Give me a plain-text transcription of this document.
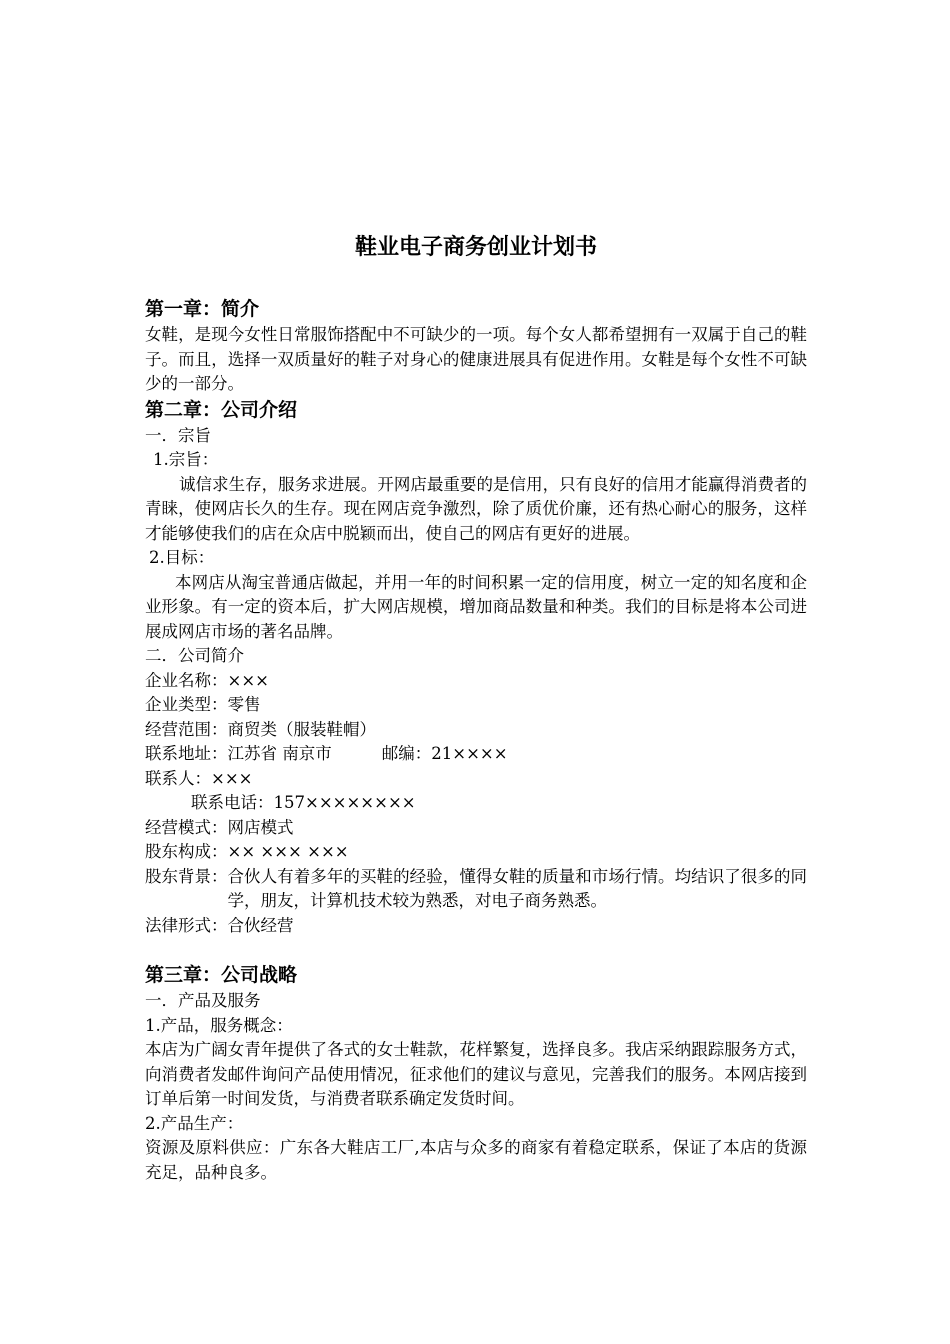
鞋业电子商务创业计划书
第一章：简介

女鞋，是现今女性日常服饰搭配中不可缺少的一项。每个女人都希望拥有一双属于自己的鞋子。而且，选择一双质量好的鞋子对身心的健康进展具有促进作用。女鞋是每个女性不可缺少的一部分。

第二章：公司介绍

一．宗旨

1.宗旨：

诚信求生存，服务求进展。开网店最重要的是信用，只有良好的信用才能赢得消费者的青睐，使网店长久的生存。现在网店竞争激烈，除了质优价廉，还有热心耐心的服务，这样才能够使我们的店在众店中脱颖而出，使自己的网店有更好的进展。

2.目标：

本网店从淘宝普通店做起，并用一年的时间积累一定的信用度，树立一定的知名度和企业形象。有一定的资本后，扩大网店规模，增加商品数量和种类。我们的目标是将本公司进展成网店市场的著名品牌。

二．公司简介

企业名称：×××

企业类型：零售

经营范围：商贸类（服装鞋帽）

联系地址：江苏省 南京市	邮编：21××××

联系人：×××

联系电话：157××××××××

经营模式：网店模式

股东构成：×× ××× ×××

股东背景： 合伙人有着多年的买鞋的经验，懂得女鞋的质量和市场行情。均结识了很多的同学，朋友，计算机技术较为熟悉，对电子商务熟悉。

法律形式：合伙经营

第三章：公司战略

一．产品及服务

1.产品，服务概念：

本店为广阔女青年提供了各式的女士鞋款，花样繁复，选择良多。我店采纳跟踪服务方式，向消费者发邮件询问产品使用情况，征求他们的建议与意见，完善我们的服务。本网店接到订单后第一时间发货，与消费者联系确定发货时间。

2.产品生产：

资源及原料供应：广东各大鞋店工厂,本店与众多的商家有着稳定联系，保证了本店的货源充足，品种良多。
